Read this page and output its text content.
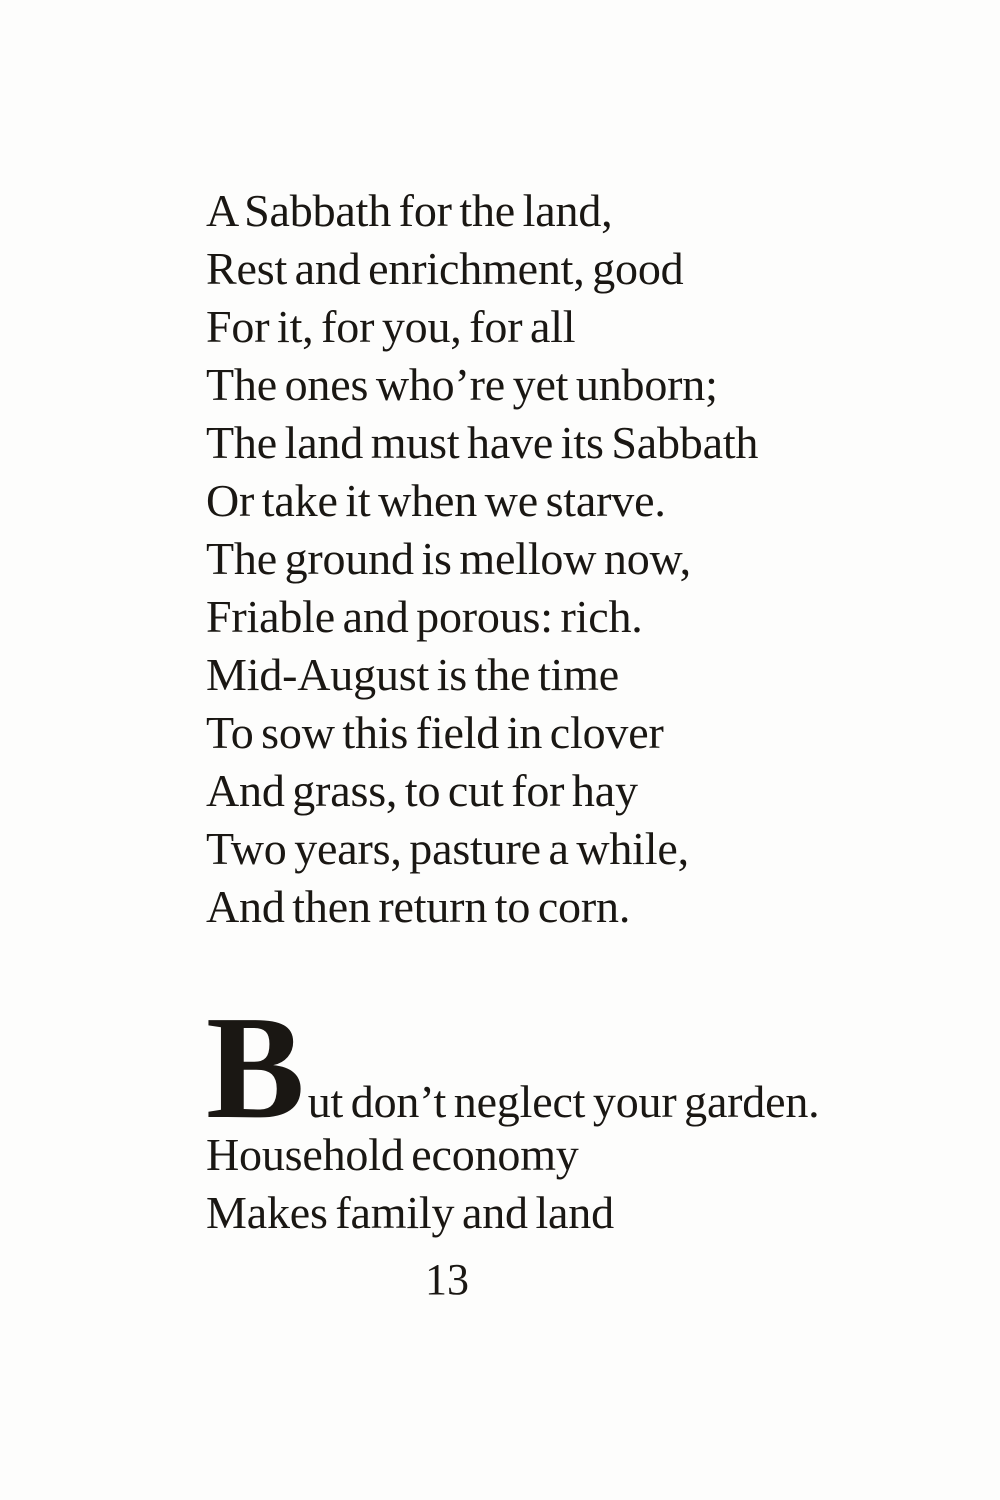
A Sabbath for the land,
Rest and enrichment, good
For it, for you, for all
The ones who’re yet unborn;
The land must have its Sabbath
Or take it when we starve.
The ground is mellow now,
Friable and porous: rich.
Mid-August is the time
To sow this field in clover
And grass, to cut for hay
Two years, pasture a while,
And then return to corn.
But don’t neglect your garden.
Household economy
Makes family and land
13
